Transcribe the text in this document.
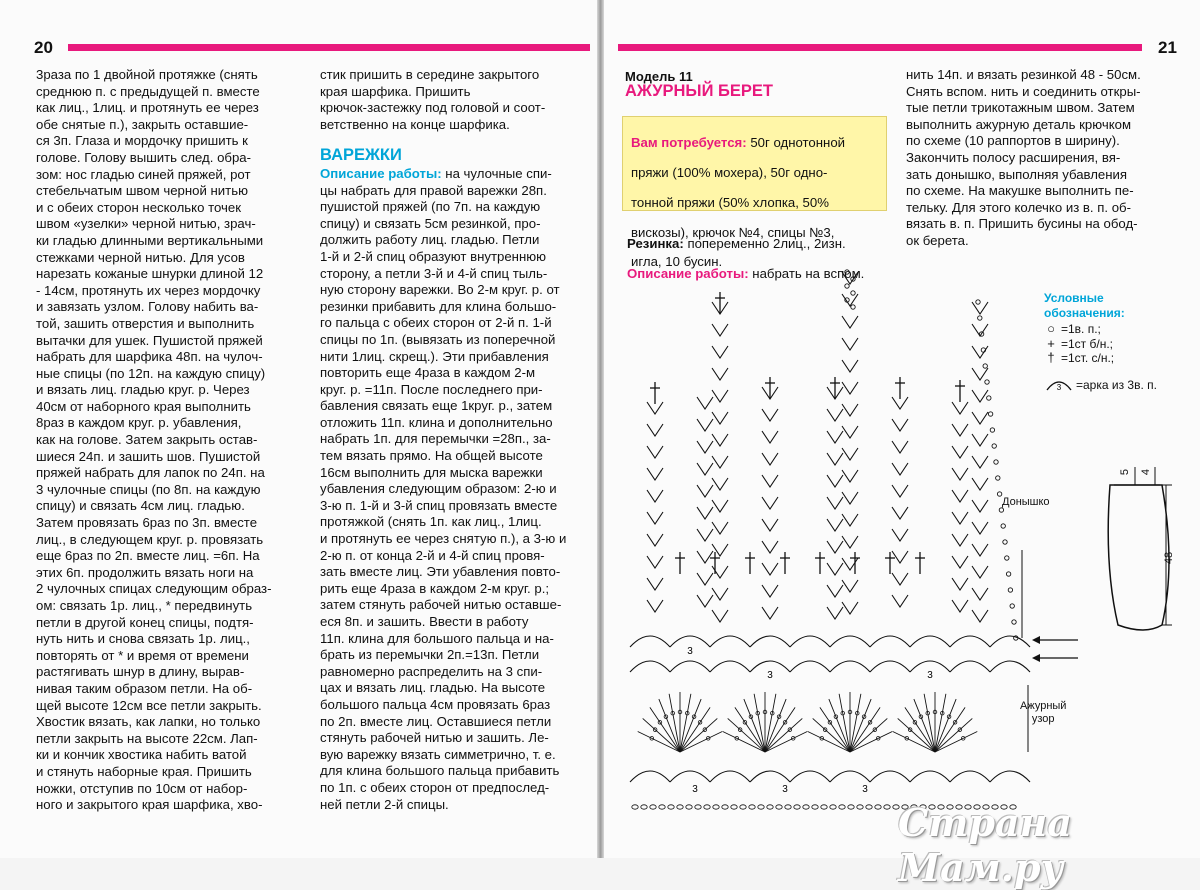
20

3раза по 1 двойной протяжке (снять

среднюю п. с предыдущей п. вместе

как лиц., 1лиц. и протянуть ее через

обе снятые п.), закрыть оставшие-

ся 3п. Глаза и мордочку пришить к

голове. Голову вышить след. обра-

зом: нос гладью синей пряжей, рот

стебельчатым швом черной нитью

и с обеих сторон несколько точек

швом «узелки» черной нитью, зрач-

ки гладью длинными вертикальными

стежками черной нитью. Для усов

нарезать кожаные шнурки длиной 12

- 14см, протянуть их через мордочку

и завязать узлом. Голову набить ва-

той, зашить отверстия и выполнить

вытачки для ушек. Пушистой пряжей

набрать для шарфика 48п. на чулоч-

ные спицы (по 12п. на каждую спицу)

и вязать лиц. гладью круг. р. Через

40см от наборного края выполнить

8раз в каждом круг. р. убавления,

как на голове. Затем закрыть остав-

шиеся 24п. и зашить шов. Пушистой

пряжей набрать для лапок по 24п. на

3 чулочные спицы (по 8п. на каждую

спицу) и связать 4см лиц. гладью.

Затем провязать 6раз по 3п. вместе

лиц., в следующем круг. р. провязать

еще 6раз по 2п. вместе лиц. =6п. На

этих 6п. продолжить вязать ноги на

2 чулочных спицах следующим образ-

ом: связать 1р. лиц., * передвинуть

петли в другой конец спицы, подтя-

нуть нить и снова связать 1р. лиц.,

повторять от * и время от времени

растягивать шнур в длину, вырав-

нивая таким образом петли. На об-

щей высоте 12см все петли закрыть.

Хвостик вязать, как лапки, но только

петли закрыть на высоте 22см. Лап-

ки и кончик хвостика набить ватой

и стянуть наборные края. Пришить

ножки, отступив по 10см от набор-

ного и закрытого края шарфика, хво-

стик пришить в середине закрытого

края шарфика. Пришить

крючок-застежку под головой и соот-

ветственно на конце шарфика.

ВАРЕЖКИ

Описание работы: на чулочные спи-

цы набрать для правой варежки 28п.

пушистой пряжей (по 7п. на каждую

спицу) и связать 5см резинкой, про-

должить работу лиц. гладью. Петли

1-й и 2-й спиц образуют внутреннюю

сторону, а петли 3-й и 4-й спиц тыль-

ную сторону варежки. Во 2-м круг. р. от

резинки прибавить для клина большо-

го пальца с обеих сторон от 2-й п. 1-й

спицы по 1п. (вывязать из поперечной

нити 1лиц. скрещ.). Эти прибавления

повторить еще 4раза в каждом 2-м

круг. р. =11п. После последнего при-

бавления связать еще 1круг. р., затем

отложить 11п. клина и дополнительно

набрать 1п. для перемычки =28п., за-

тем вязать прямо. На общей высоте

16см выполнить для мыска варежки

убавления следующим образом: 2-ю и

3-ю п. 1-й и 3-й спиц провязать вместе

протяжкой (снять 1п. как лиц., 1лиц.

и протянуть ее через снятую п.), а 3-ю и

2-ю п. от конца 2-й и 4-й спиц провя-

зать вместе лиц. Эти убавления повто-

рить еще 4раза в каждом 2-м круг. р.;

затем стянуть рабочей нитью оставше-

еся 8п. и зашить. Ввести в работу

11п. клина для большого пальца и на-

брать из перемычки 2п.=13п. Петли

равномерно распределить на 3 спи-

цах и вязать лиц. гладью. На высоте

большого пальца 4см провязать 6раз

по 2п. вместе лиц. Оставшиеся петли

стянуть рабочей нитью и зашить. Ле-

вую варежку вязать симметрично, т. е.

для клина большого пальца прибавить

по 1п. с обеих сторон от предпослед-

ней петли 2-й спицы.

21
Модель 11
АЖУРНЫЙ БЕРЕТ

Вам потребуется: 50г однотонной

пряжи (100% мохера), 50г одно-

тонной пряжи (50% хлопка, 50%

вискозы), крючок №4, спицы №3,

игла, 10 бусин.

Резинка: попеременно 2лиц., 2изн.

Описание работы: набрать на вспом.

нить 14п. и вязать резинкой 48 - 50см.

Снять вспом. нить и соединить откры-

тые петли трикотажным швом. Затем

выполнить ажурную деталь крючком

по схеме (10 раппортов в ширину).

Закончить полосу расширения, вя-

зать донышко, выполняя убавления

по схеме. На макушке выполнить пе-

тельку. Для этого колечко из в. п. об-

вязать в. п. Пришить бусины на обод-

ок берета.

Условные
обозначения:
○ =1в. п.;
+ =1ст б/н.;
† =1ст. с/н.;
3 =арка из 3в. п.
3
3	3
3	3	3
Донышко
Ажурный
узор
5 4
48
Страна Мам.ру
